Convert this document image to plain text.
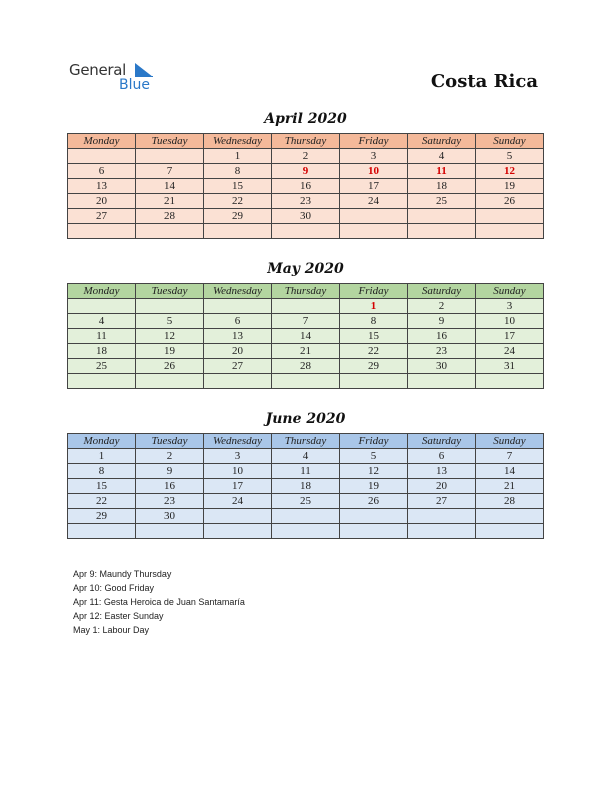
General
Blue	Costa Rica
April 2020
Monday	Tuesday	Wednesday	Thursday	Friday	Saturday	Sunday
		1	2	3	4	5
6	7	8	9	10	11	12
13	14	15	16	17	18	19
20	21	22	23	24	25	26
27	28	29	30			

May 2020
Monday	Tuesday	Wednesday	Thursday	Friday	Saturday	Sunday
				1	2	3
4	5	6	7	8	9	10
11	12	13	14	15	16	17
18	19	20	21	22	23	24
25	26	27	28	29	30	31

June 2020
Monday	Tuesday	Wednesday	Thursday	Friday	Saturday	Sunday
1	2	3	4	5	6	7
8	9	10	11	12	13	14
15	16	17	18	19	20	21
22	23	24	25	26	27	28
29	30					

Apr 9: Maundy Thursday
Apr 10: Good Friday
Apr 11: Gesta Heroica de Juan Santamaría
Apr 12: Easter Sunday
May 1: Labour Day
